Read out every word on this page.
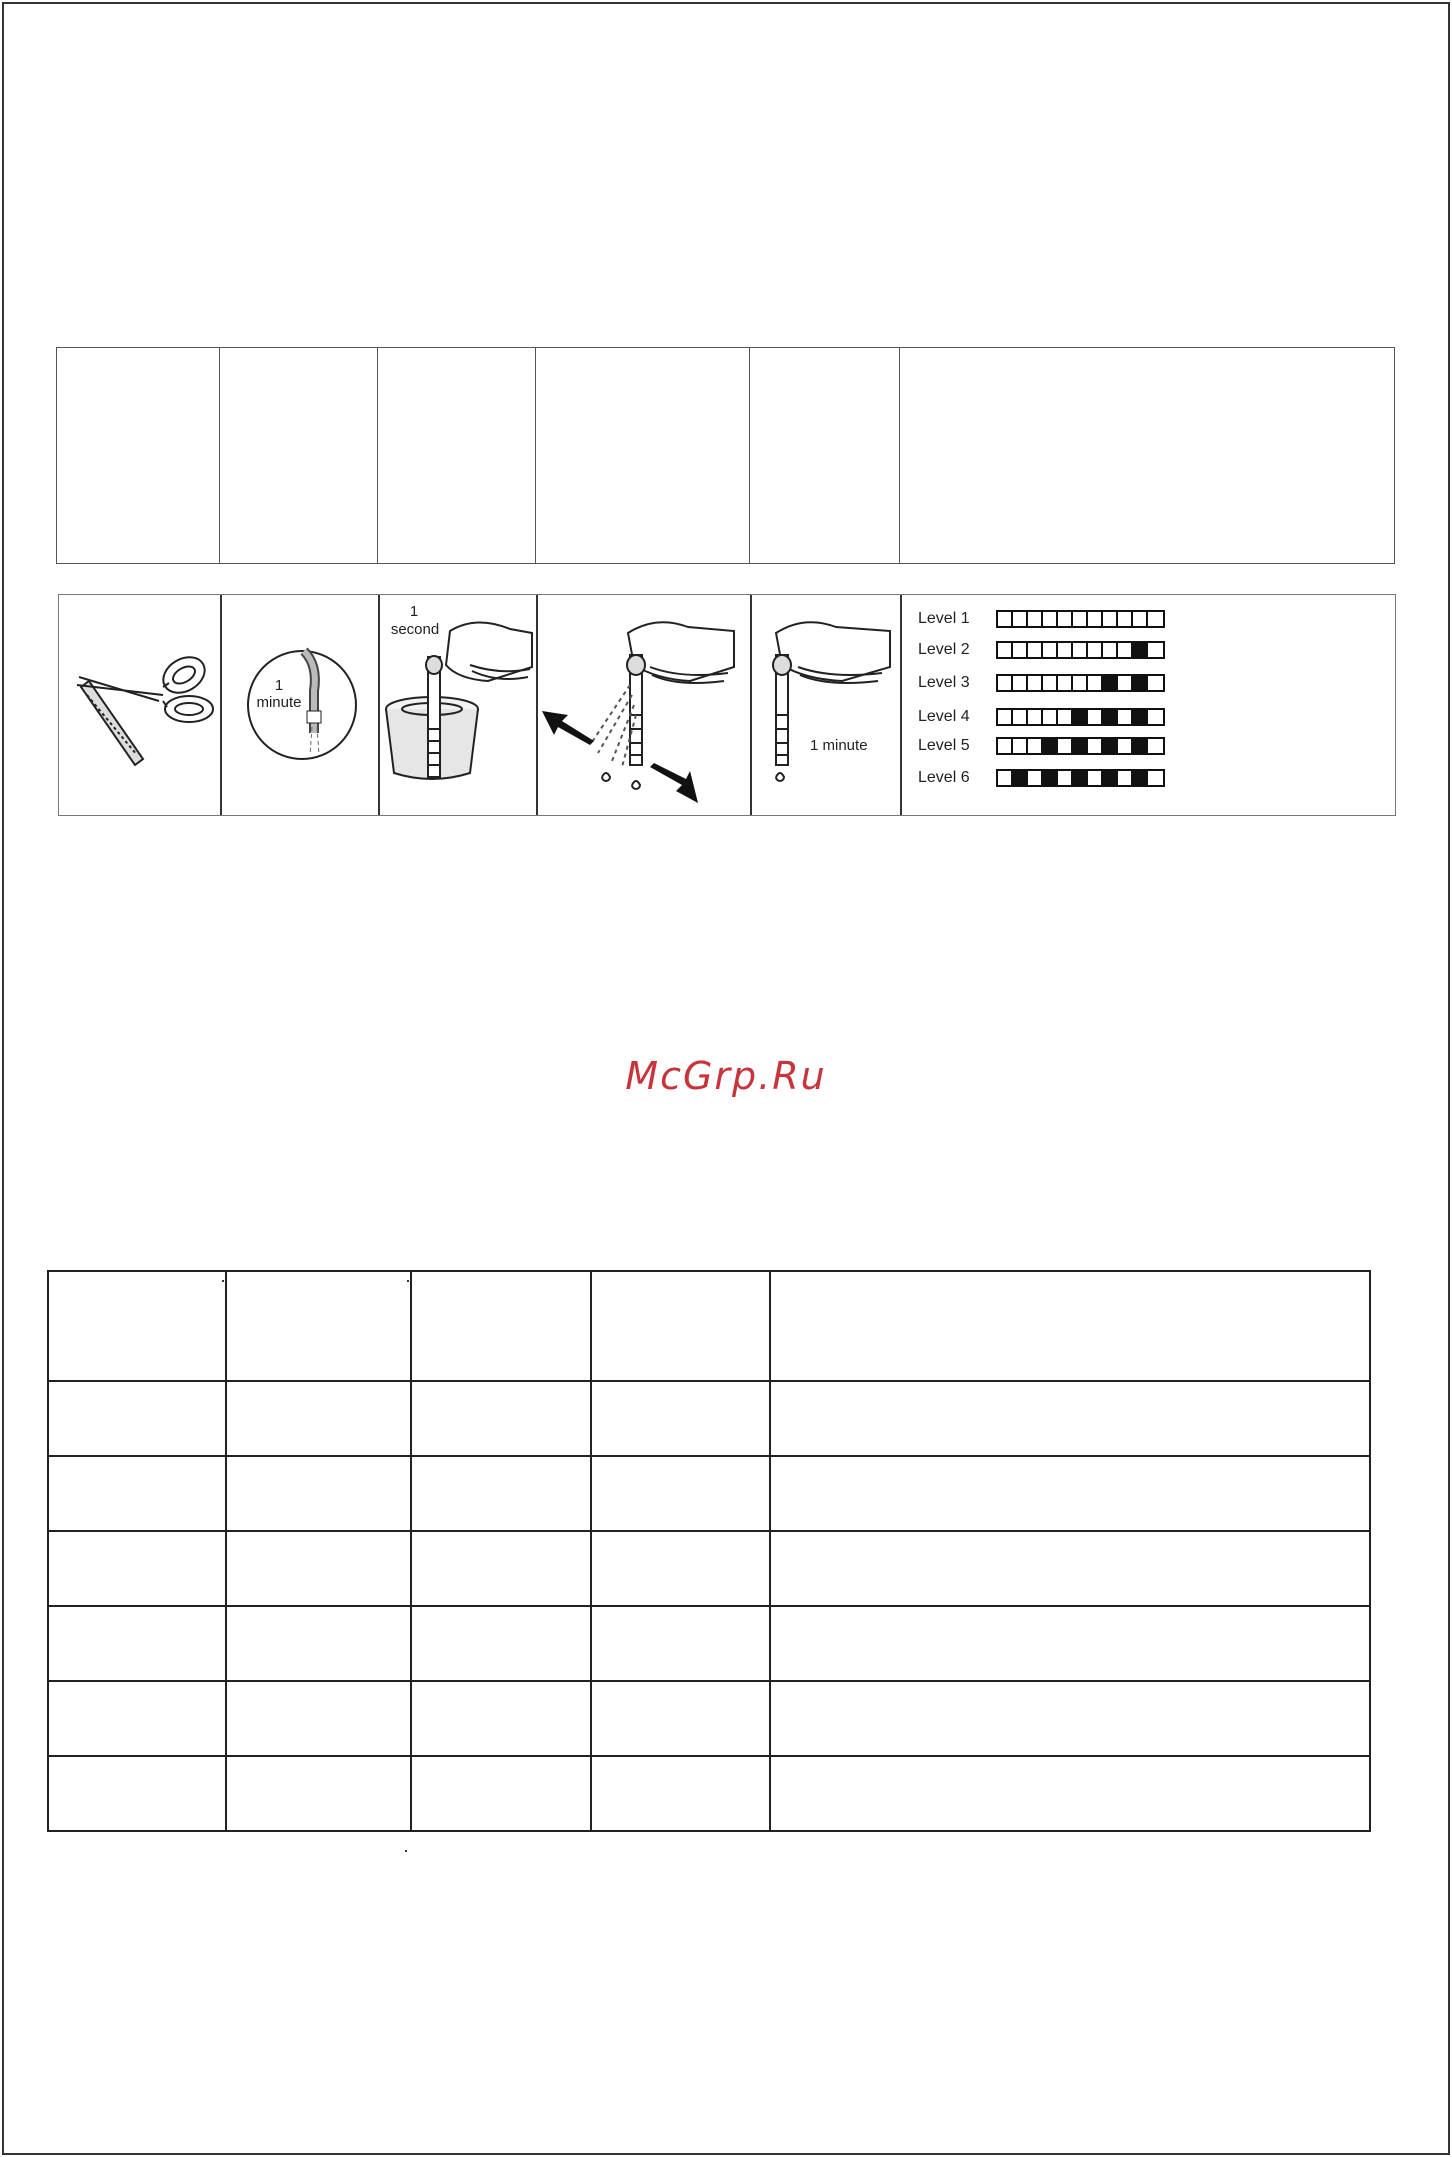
1
minute
1
second
1 minute
Level 1
Level 2
Level 3
Level 4
Level 5
Level 6
McGrp.Ru
